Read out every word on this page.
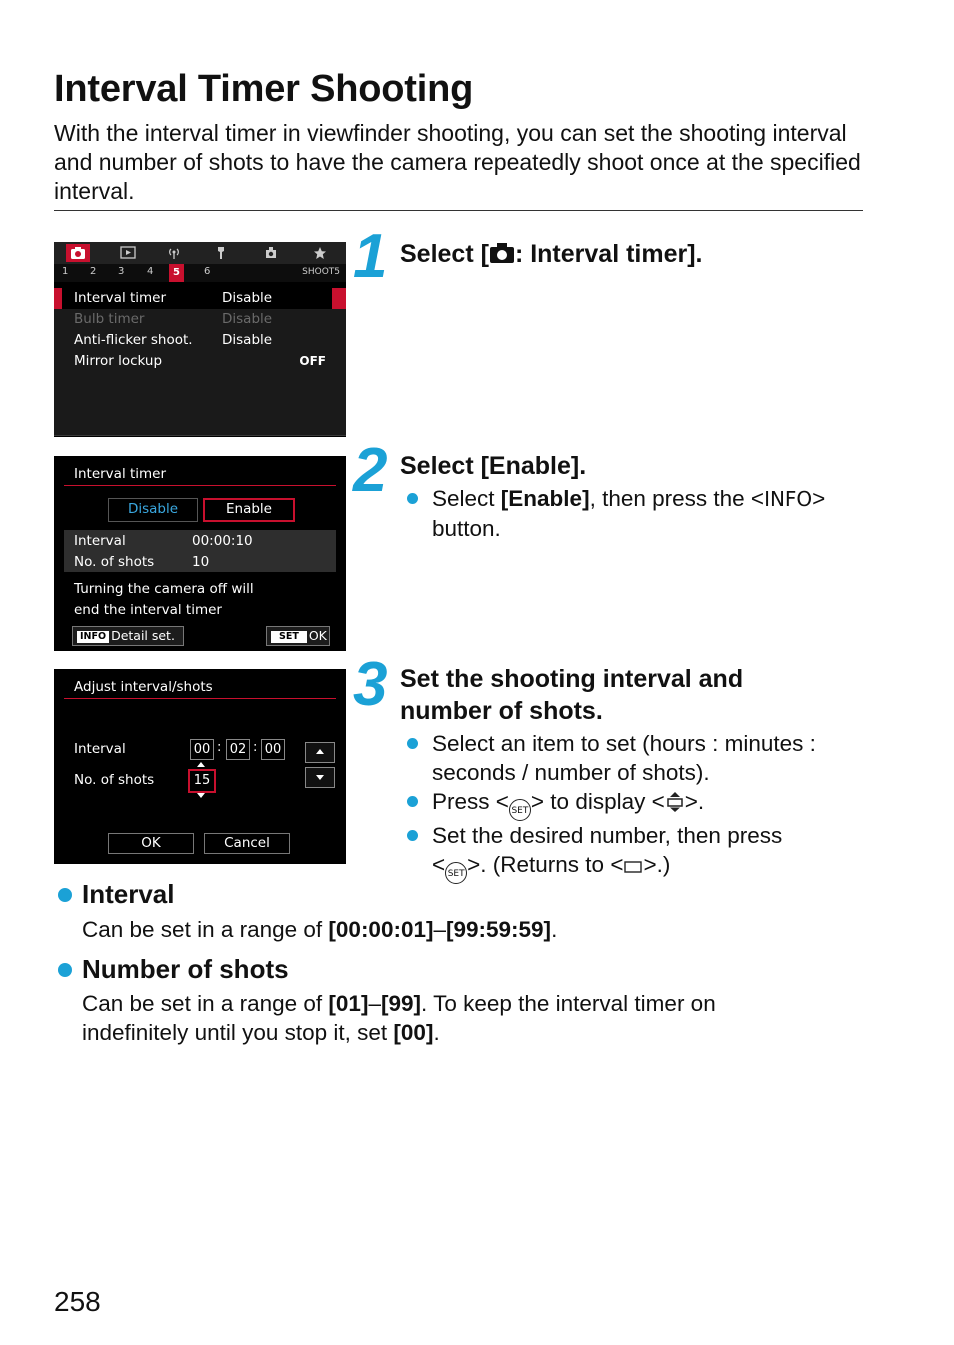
Interval Timer Shooting

With the interval timer in viewfinder shooting, you can set the shooting interval and number of shots to have the camera repeatedly shoot once at the specified interval.

1 2 3 4	5	6	SHOOT5
Interval timer	Disable
Bulb timer	Disable
Anti-flicker shoot. Disable
Mirror lockup	OFF
Interval timer
Disable	Enable
Interval	00:00:10
No. of shots	10
Turning the camera off will
end the interval timer
INFO Detail set.	SET OK
Adjust interval/shots
Interval	00 : 02 : 00
No. of shots	15
OK	Cancel
1 Select [ : Interval timer].
2 Select [Enable].
Select [Enable], then press the <INFO>
button.
3 Set the shooting interval and
number of shots.
Select an item to set (hours : minutes :
seconds / number of shots).
Press < SET > to display < >.
Set the desired number, then press
< SET >. (Returns to < >.)
Interval
Can be set in a range of [00:00:01]–[99:59:59].
Number of shots
Can be set in a range of [01]–[99]. To keep the interval timer on
indefinitely until you stop it, set [00].
258
